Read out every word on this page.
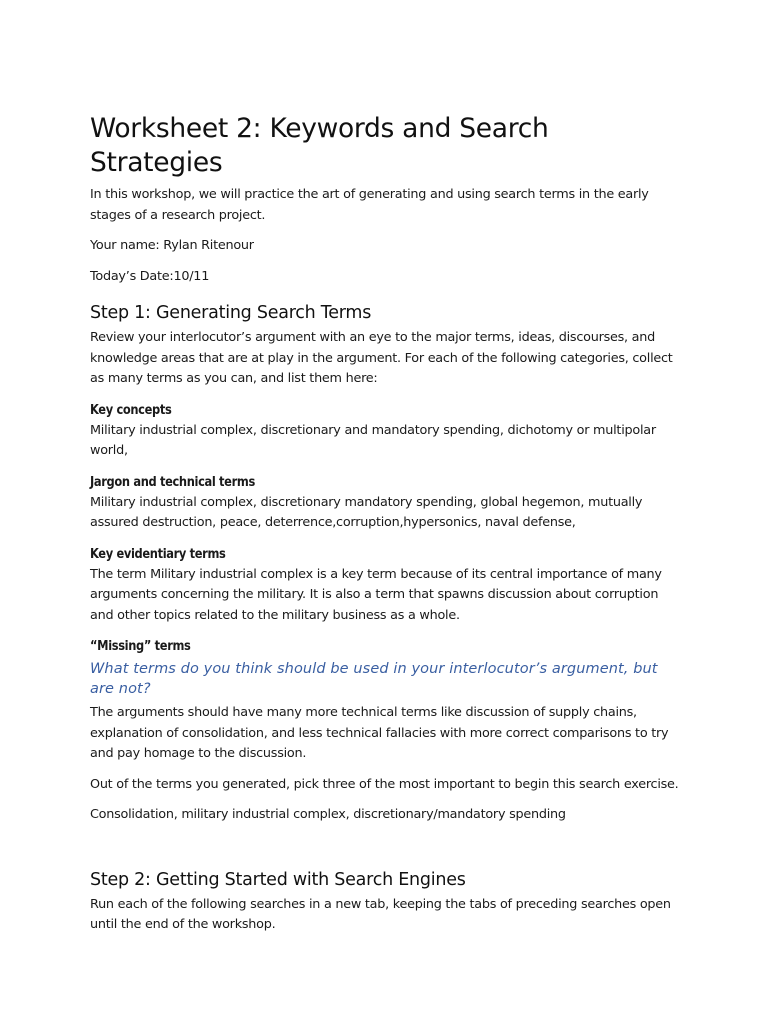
Worksheet 2: Keywords and Search Strategies

In this workshop, we will practice the art of generating and using search terms in the early stages of a research project.

Your name: Rylan Ritenour

Today’s Date:10/11

Step 1: Generating Search Terms

Review your interlocutor’s argument with an eye to the major terms, ideas, discourses, and knowledge areas that are at play in the argument. For each of the following categories, collect as many terms as you can, and list them here:

Key concepts

Military industrial complex, discretionary and mandatory spending, dichotomy or multipolar world,

Jargon and technical terms

Military industrial complex, discretionary mandatory spending, global hegemon, mutually assured destruction, peace, deterrence,corruption,hypersonics, naval defense,

Key evidentiary terms

The term Military industrial complex is a key term because of its central importance of many arguments concerning the military. It is also a term that spawns discussion about corruption and other topics related to the military business as a whole.

“Missing” terms
What terms do you think should be used in your interlocutor’s argument, but are not?

The arguments should have many more technical terms like discussion of supply chains, explanation of consolidation, and less technical fallacies with more correct comparisons to try and pay homage to the discussion.

Out of the terms you generated, pick three of the most important to begin this search exercise.

Consolidation, military industrial complex, discretionary/mandatory spending

Step 2: Getting Started with Search Engines

Run each of the following searches in a new tab, keeping the tabs of preceding searches open until the end of the workshop.
